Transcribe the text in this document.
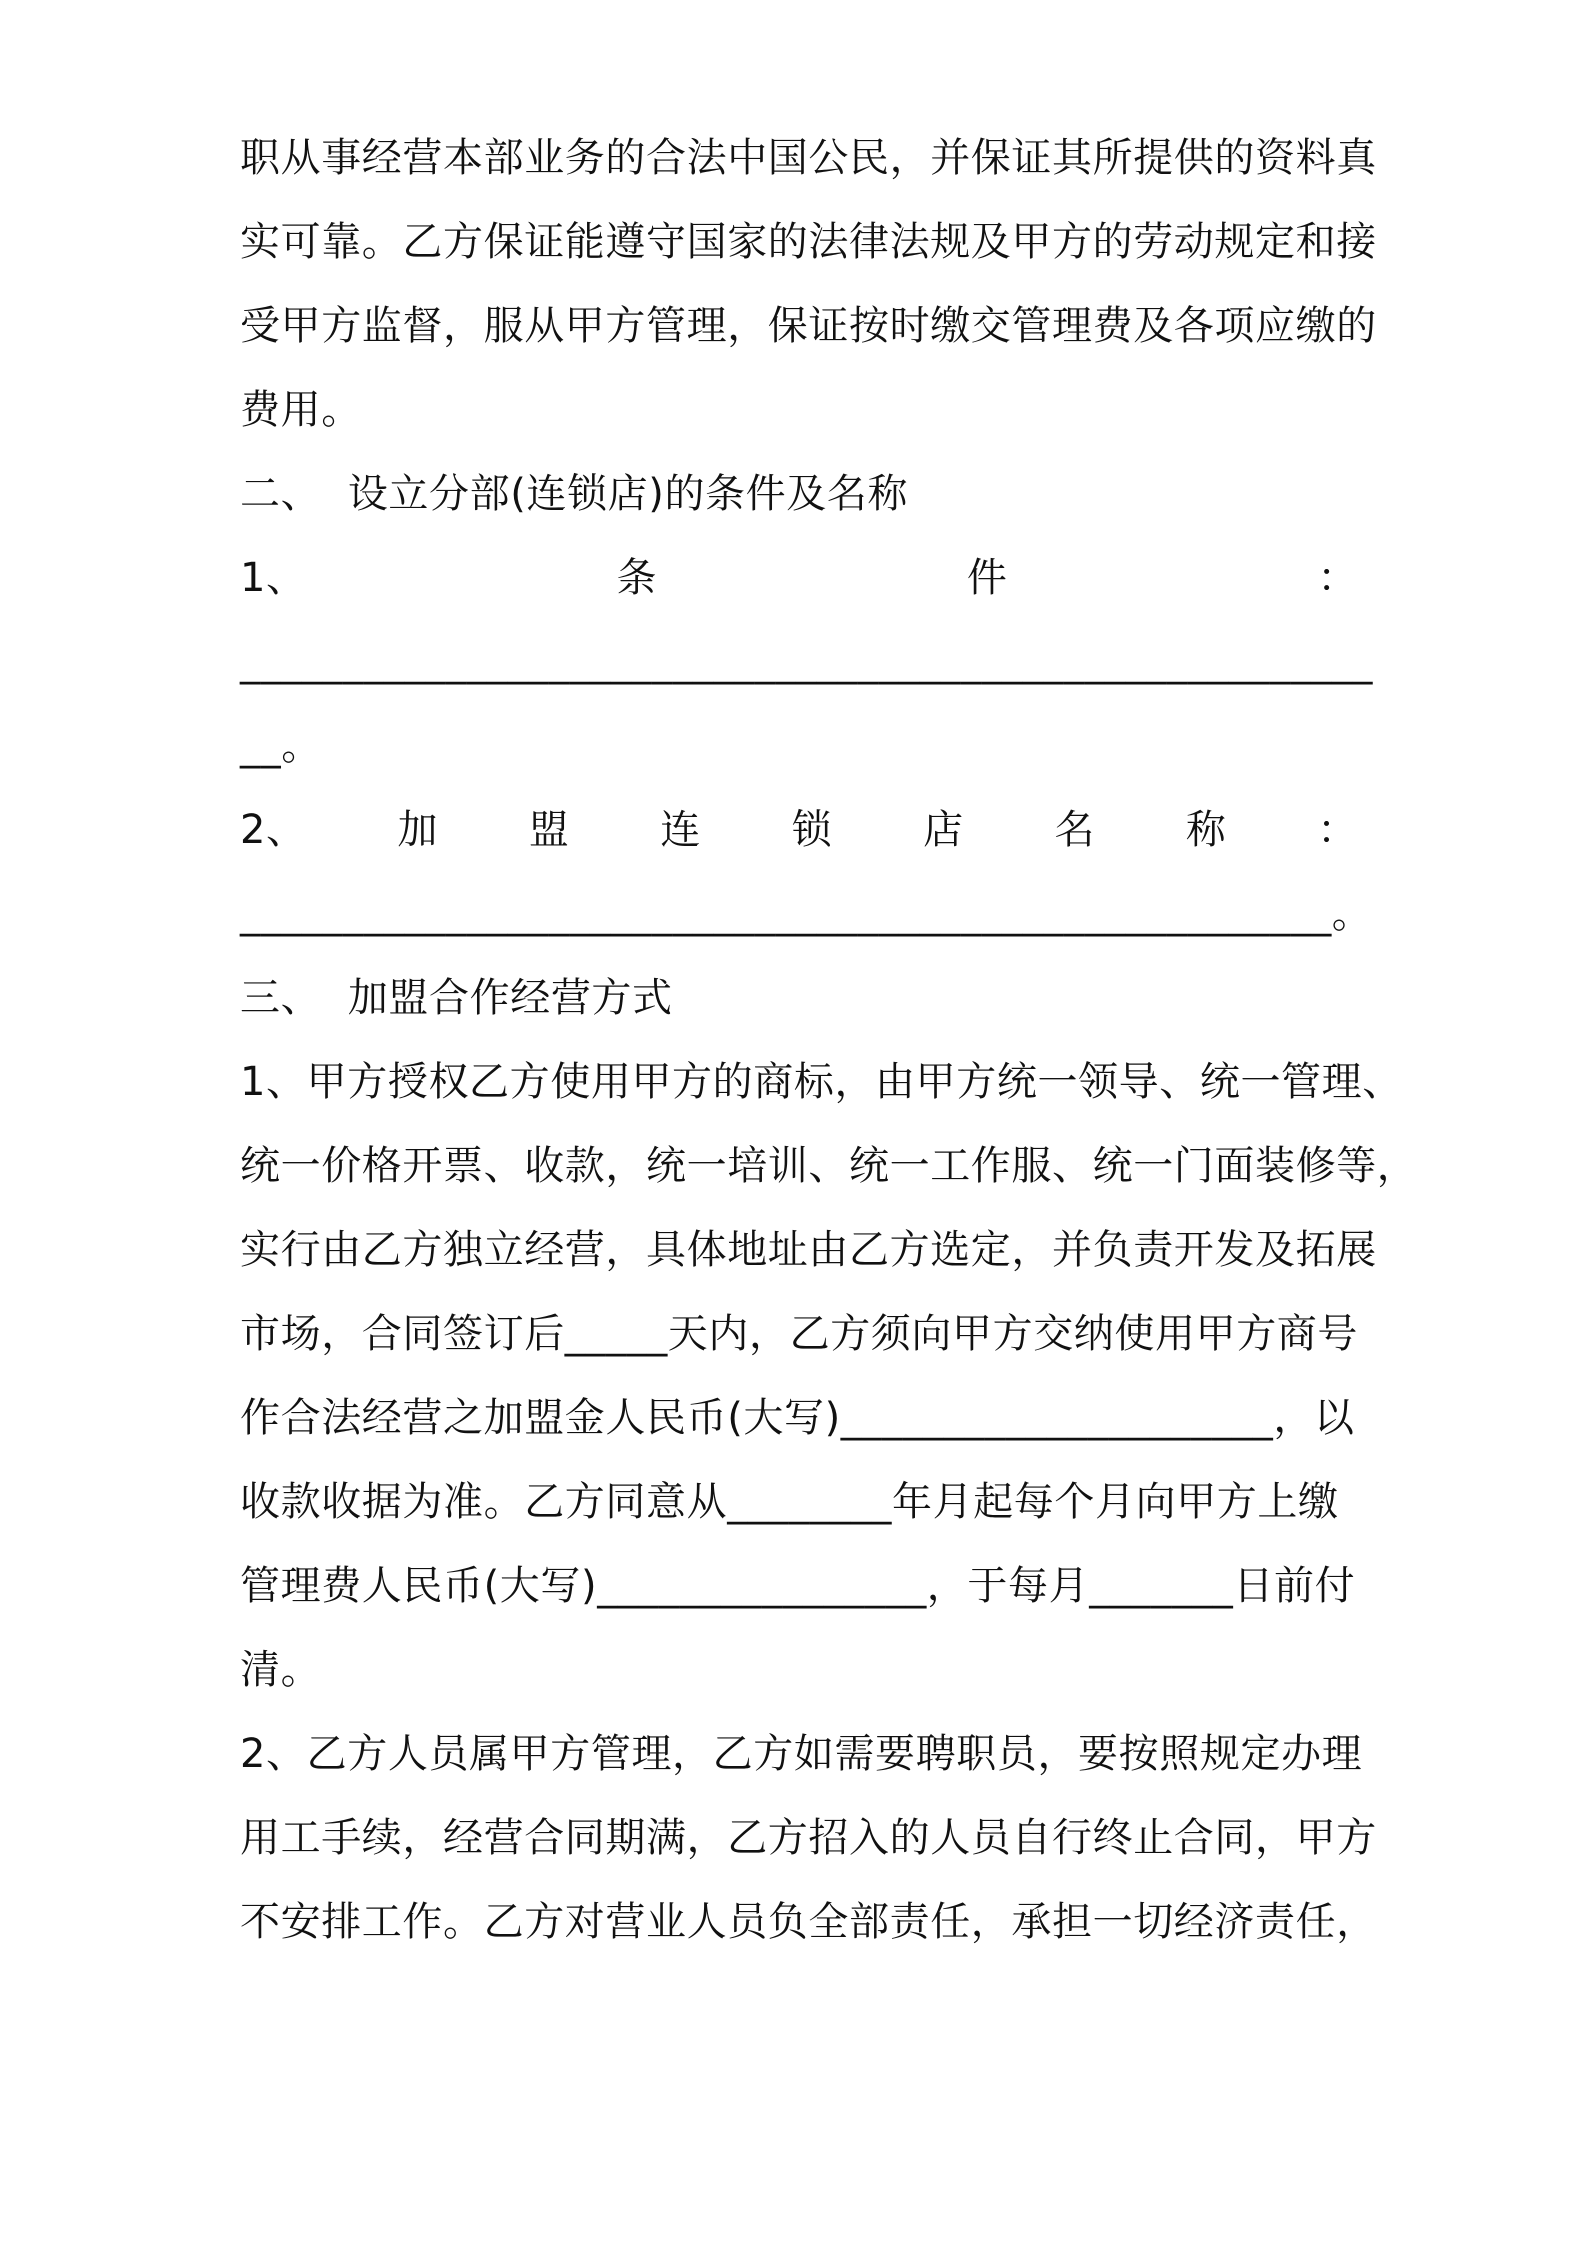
职从事经营本部业务的合法中国公民，并保证其所提供的资料真
实可靠。乙方保证能遵守国家的法律法规及甲方的劳动规定和接
受甲方监督，服从甲方管理，保证按时缴交管理费及各项应缴的
费用。
二、  设立分部(连锁店)的条件及名称
1、	条	件	：
_______________________________________________________
__。
2、 加 盟 连 锁 店 名 称 ：
_____________________________________________________。
三、  加盟合作经营方式
1、甲方授权乙方使用甲方的商标，由甲方统一领导、统一管理、
统一价格开票、收款，统一培训、统一工作服、统一门面装修等，
实行由乙方独立经营，具体地址由乙方选定，并负责开发及拓展
市场，合同签订后_____天内，乙方须向甲方交纳使用甲方商号
作合法经营之加盟金人民币(大写)_____________________，以
收款收据为准。乙方同意从________年月起每个月向甲方上缴
管理费人民币(大写)________________，于每月_______日前付
清。
2、乙方人员属甲方管理，乙方如需要聘职员，要按照规定办理
用工手续，经营合同期满，乙方招入的人员自行终止合同，甲方
不安排工作。乙方对营业人员负全部责任，承担一切经济责任，
